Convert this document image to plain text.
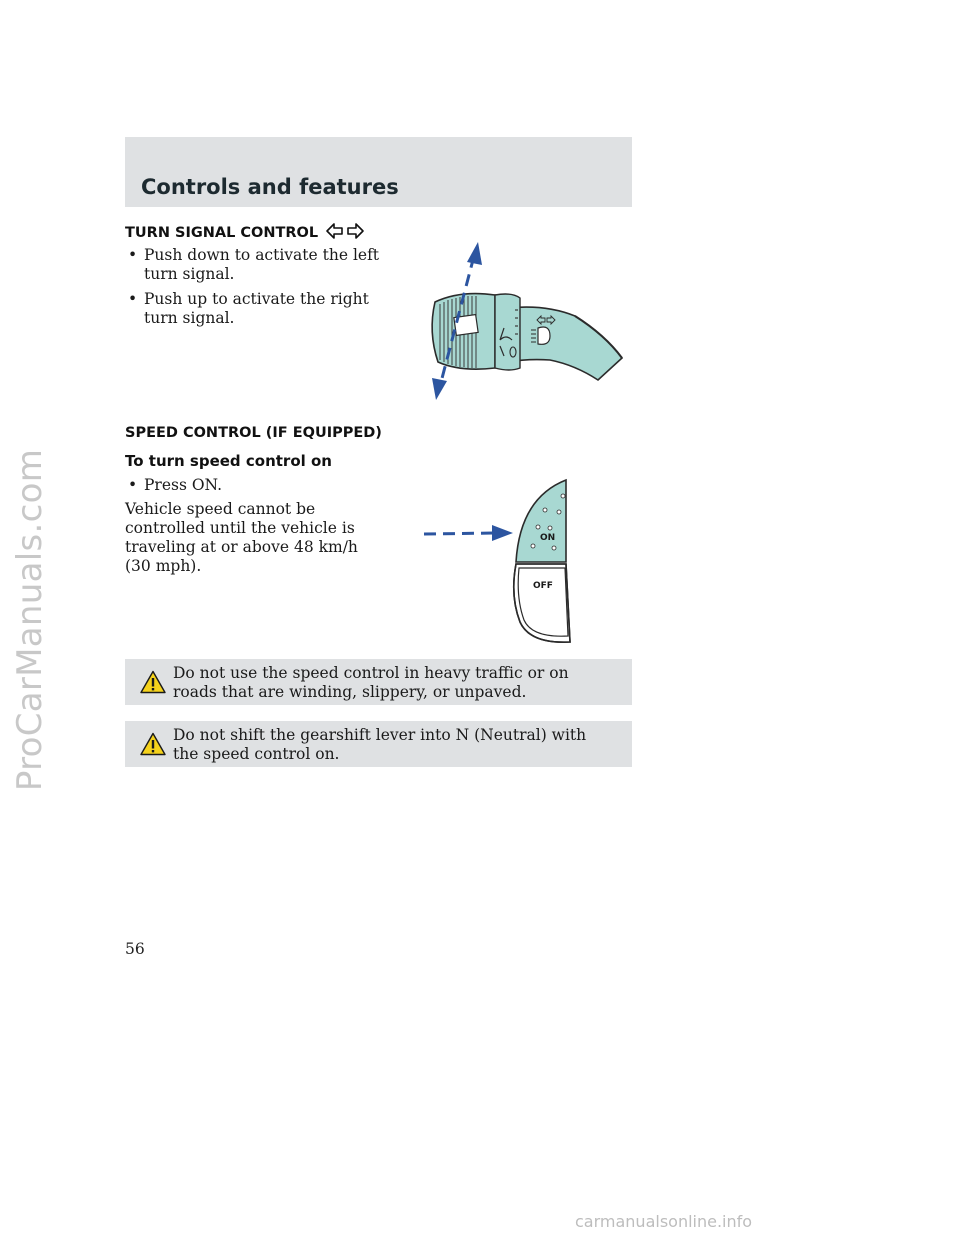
ProCarManuals.com
Controls and features
TURN SIGNAL CONTROL
• Push down to activate the left turn signal.
• Push up to activate the right turn signal.
SPEED CONTROL (IF EQUIPPED)
To turn speed control on
• Press ON.

Vehicle speed cannot be controlled until the vehicle is traveling at or above 48 km/h (30 mph).

OFF
ON
Do not use the speed control in heavy traffic or on roads that are winding, slippery, or unpaved.
Do not shift the gearshift lever into N (Neutral) with the speed control on.
56
carmanualsonline.info
